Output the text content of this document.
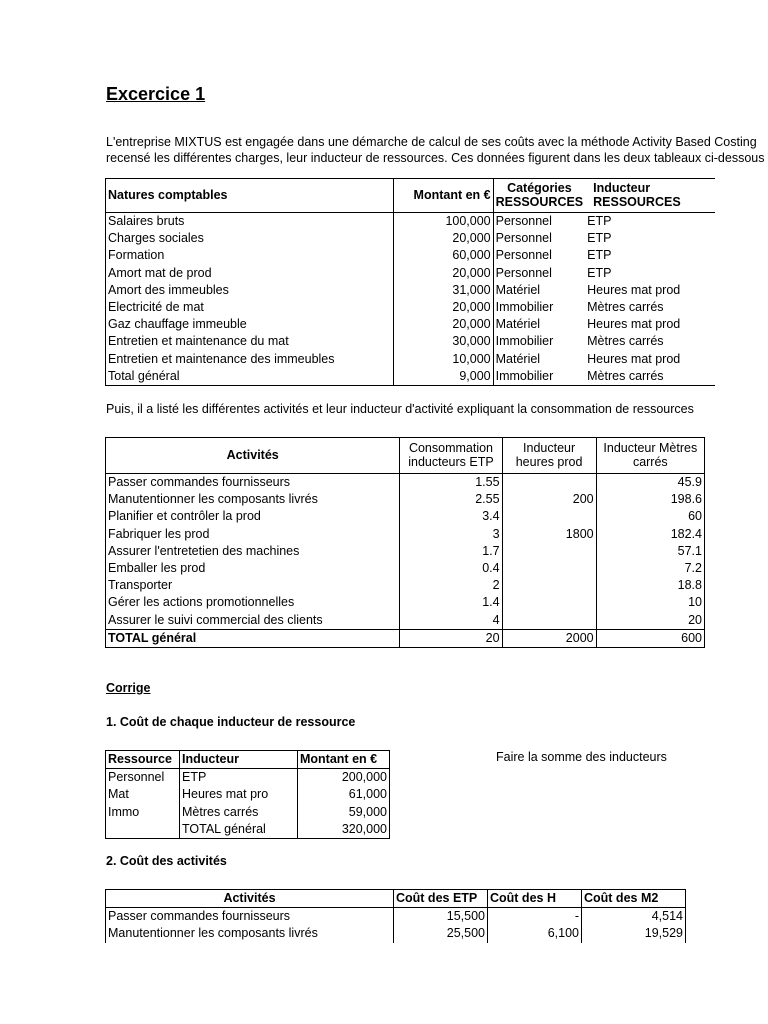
Excercice 1
L'entreprise MIXTUS est engagée dans une démarche de calcul de ses coûts avec la méthode Activity Based Costing
recensé les différentes charges, leur inducteur de ressources. Ces données figurent dans les deux tableaux ci-dessous
Natures comptables	Montant en €	Catégories RESSOURCES	Inducteur RESSOURCES
Salaires bruts	100,000	Personnel	ETP
Charges sociales	20,000	Personnel	ETP
Formation	60,000	Personnel	ETP
Amort mat de prod	20,000	Personnel	ETP
Amort des immeubles	31,000	Matériel	Heures mat prod
Electricité de mat	20,000	Immobilier	Mètres carrés
Gaz chauffage immeuble	20,000	Matériel	Heures mat prod
Entretien et maintenance du mat	30,000	Immobilier	Mètres carrés
Entretien et maintenance des immeubles	10,000	Matériel	Heures mat prod
Total général	9,000	Immobilier	Mètres carrés
Puis, il a listé les différentes activités et leur inducteur d'activité expliquant la consommation de ressources
Activités	Consommation inducteurs ETP	Inducteur heures prod	Inducteur Mètres carrés
Passer commandes fournisseurs	1.55		45.9
Manutentionner les composants livrés	2.55	200	198.6
Planifier et contrôler la prod	3.4		60
Fabriquer les prod	3	1800	182.4
Assurer l'entretetien des machines	1.7		57.1
Emballer les prod	0.4		7.2
Transporter	2		18.8
Gérer les actions promotionnelles	1.4		10
Assurer le suivi commercial des clients	4		20
TOTAL général	20	2000	600
Corrige
1. Coût de chaque inducteur de ressource
Ressource	Inducteur	Montant en €
Personnel	ETP	200,000
Mat	Heures mat pro	61,000
Immo	Mètres carrés	59,000
	TOTAL général	320,000
Faire la somme des inducteurs
2. Coût des activités
Activités	Coût des ETP	Coût des H	Coût des M2
Passer commandes fournisseurs	15,500	-	4,514
Manutentionner les composants livrés	25,500	6,100	19,529
